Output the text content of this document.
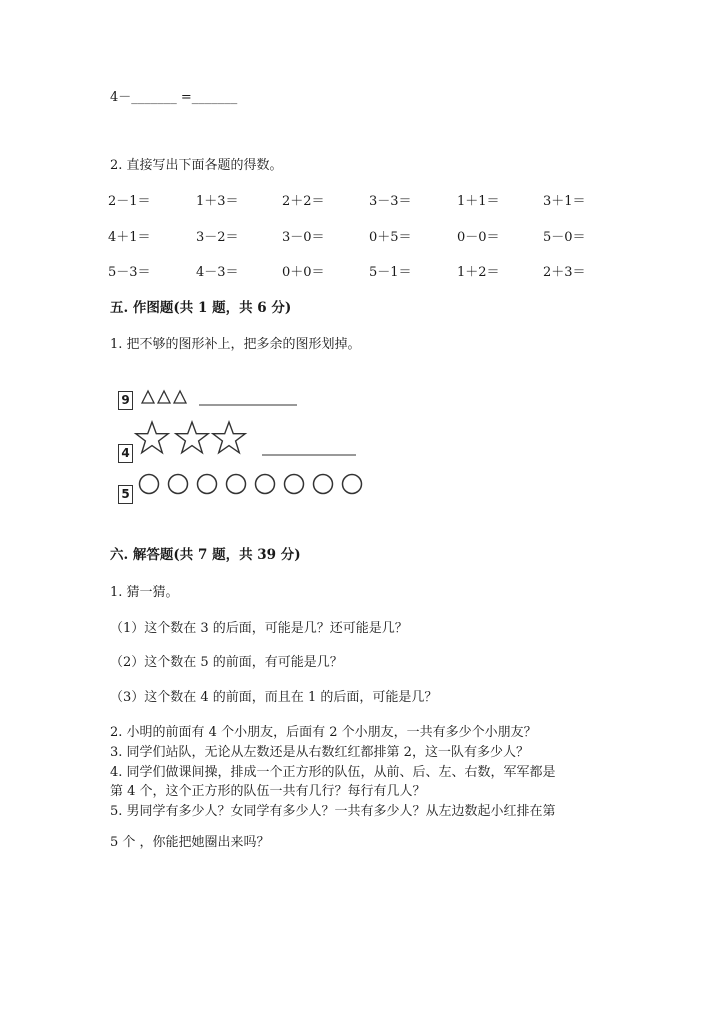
4－_______ =_______
2. 直接写出下面各题的得数。
2－1＝	1＋3＝	2＋2＝	3－3＝	1＋1＝	3＋1＝
4＋1＝	3－2＝	3－0＝	0＋5＝	0－0＝	5－0＝
5－3＝	4－3＝	0＋0＝	5－1＝	1＋2＝	2＋3＝
五. 作图题(共 1 题，共 6 分)
1. 把不够的图形补上，把多余的图形划掉。
9
4
5
六. 解答题(共 7 题，共 39 分)
1. 猜一猜。
（1）这个数在 3 的后面，可能是几？还可能是几？
（2）这个数在 5 的前面，有可能是几？
（3）这个数在 4 的前面，而且在 1 的后面，可能是几？
2. 小明的前面有 4 个小朋友，后面有 2 个小朋友，一共有多少个小朋友？
3. 同学们站队，无论从左数还是从右数红红都排第 2，这一队有多少人？
4. 同学们做课间操，排成一个正方形的队伍，从前、后、左、右数，军军都是
第 4 个，这个正方形的队伍一共有几行？每行有几人？
5. 男同学有多少人？女同学有多少人？一共有多少人？从左边数起小红排在第
5 个 ，你能把她圈出来吗？
